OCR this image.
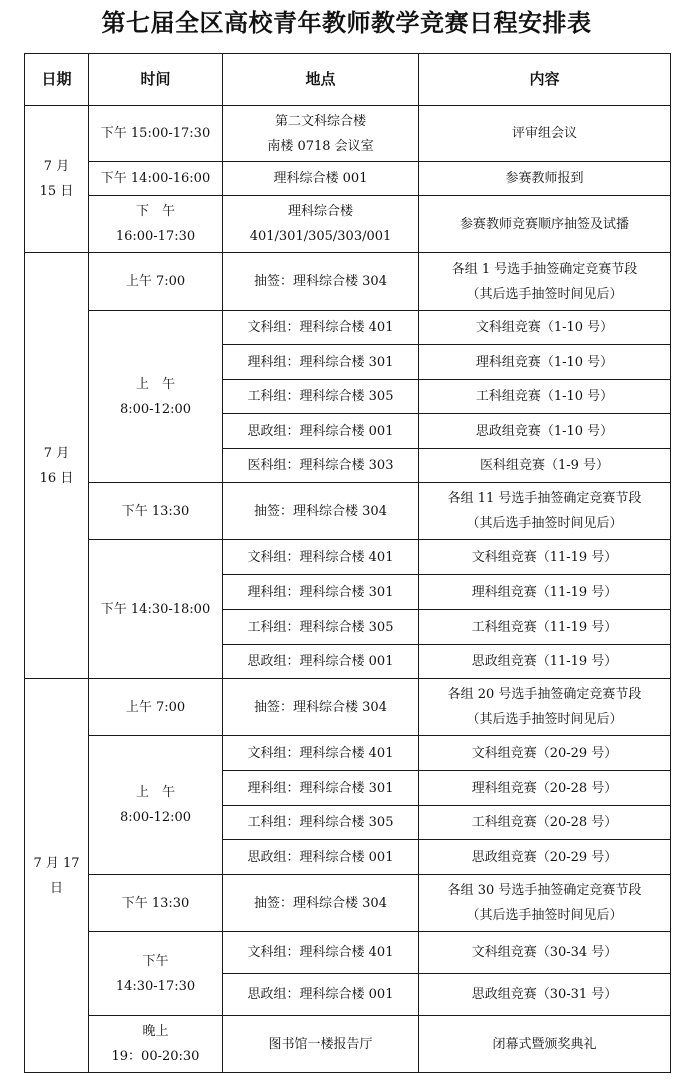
第七届全区高校青年教师教学竞赛日程安排表
日期	时间	地点	内容

7 月
15 日	下午 15:00-17:30	第二文科综合楼
南楼 0718 会议室	评审组会议

	下午 14:00-16:00	理科综合楼 001	参赛教师报到

	下　午
16:00-17:30	理科综合楼
401/301/305/303/001	参赛教师竞赛顺序抽签及试播

7 月
16 日	上午 7:00	抽签：理科综合楼 304	各组 1 号选手抽签确定竞赛节段
（其后选手抽签时间见后）

	上　午
8:00-12:00	文科组：理科综合楼 401	文科组竞赛（1-10 号）

		理科组：理科综合楼 301	理科组竞赛（1-10 号）

		工科组：理科综合楼 305	工科组竞赛（1-10 号）

		思政组：理科综合楼 001	思政组竞赛（1-10 号）

		医科组：理科综合楼 303	医科组竞赛（1-9 号）

	下午 13:30	抽签：理科综合楼 304	各组 11 号选手抽签确定竞赛节段
（其后选手抽签时间见后）

	下午 14:30-18:00	文科组：理科综合楼 401	文科组竞赛（11-19 号）

		理科组：理科综合楼 301	理科组竞赛（11-19 号）

		工科组：理科综合楼 305	工科组竞赛（11-19 号）

		思政组：理科综合楼 001	思政组竞赛（11-19 号）

7 月 17
日	上午 7:00	抽签：理科综合楼 304	各组 20 号选手抽签确定竞赛节段
（其后选手抽签时间见后）

	上　午
8:00-12:00	文科组：理科综合楼 401	文科组竞赛（20-29 号）

		理科组：理科综合楼 301	理科组竞赛（20-28 号）

		工科组：理科综合楼 305	工科组竞赛（20-28 号）

		思政组：理科综合楼 001	思政组竞赛（20-29 号）

	下午 13:30	抽签：理科综合楼 304	各组 30 号选手抽签确定竞赛节段
（其后选手抽签时间见后）

	下午
14:30-17:30	文科组：理科综合楼 401	文科组竞赛（30-34 号）

		思政组：理科综合楼 001	思政组竞赛（30-31 号）

	晚上
19：00-20:30	图书馆一楼报告厅	闭幕式暨颁奖典礼
